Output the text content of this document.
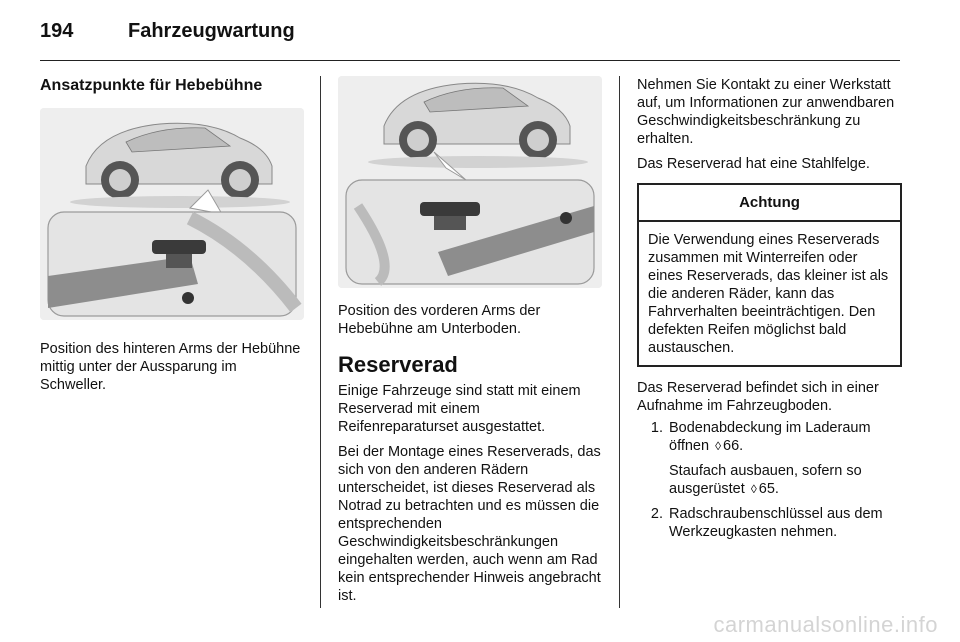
194	Fahrzeugwartung
Ansatzpunkte für Hebebühne

Position des hinteren Arms der Hebühne mittig unter der Aussparung im Schweller.

Position des vorderen Arms der Hebebühne am Unterboden.

Reserverad

Einige Fahrzeuge sind statt mit einem Reserverad mit einem Reifenreparaturset ausgestattet.

Bei der Montage eines Reserverads, das sich von den anderen Rädern unterscheidet, ist dieses Reserverad als Notrad zu betrachten und es müssen die entsprechenden Geschwindigkeitsbeschränkungen eingehalten werden, auch wenn am Rad kein entsprechender Hinweis angebracht ist.

Nehmen Sie Kontakt zu einer Werkstatt auf, um Informationen zur anwendbaren Geschwindigkeitsbeschränkung zu erhalten.

Das Reserverad hat eine Stahlfelge.

Achtung
Die Verwendung eines Reserverads zusammen mit Winterreifen oder eines Reserverads, das kleiner ist als die anderen Räder, kann das Fahrverhalten beeinträchtigen. Den defekten Reifen möglichst bald austauschen.

Das Reserverad befindet sich in einer Aufnahme im Fahrzeugboden.

1. Bodenabdeckung im Laderaum öffnen ◊ 66.
Staufach ausbauen, sofern so ausgerüstet ◊ 65.
2. Radschraubenschlüssel aus dem Werkzeugkasten nehmen.
carmanualsonline.info
